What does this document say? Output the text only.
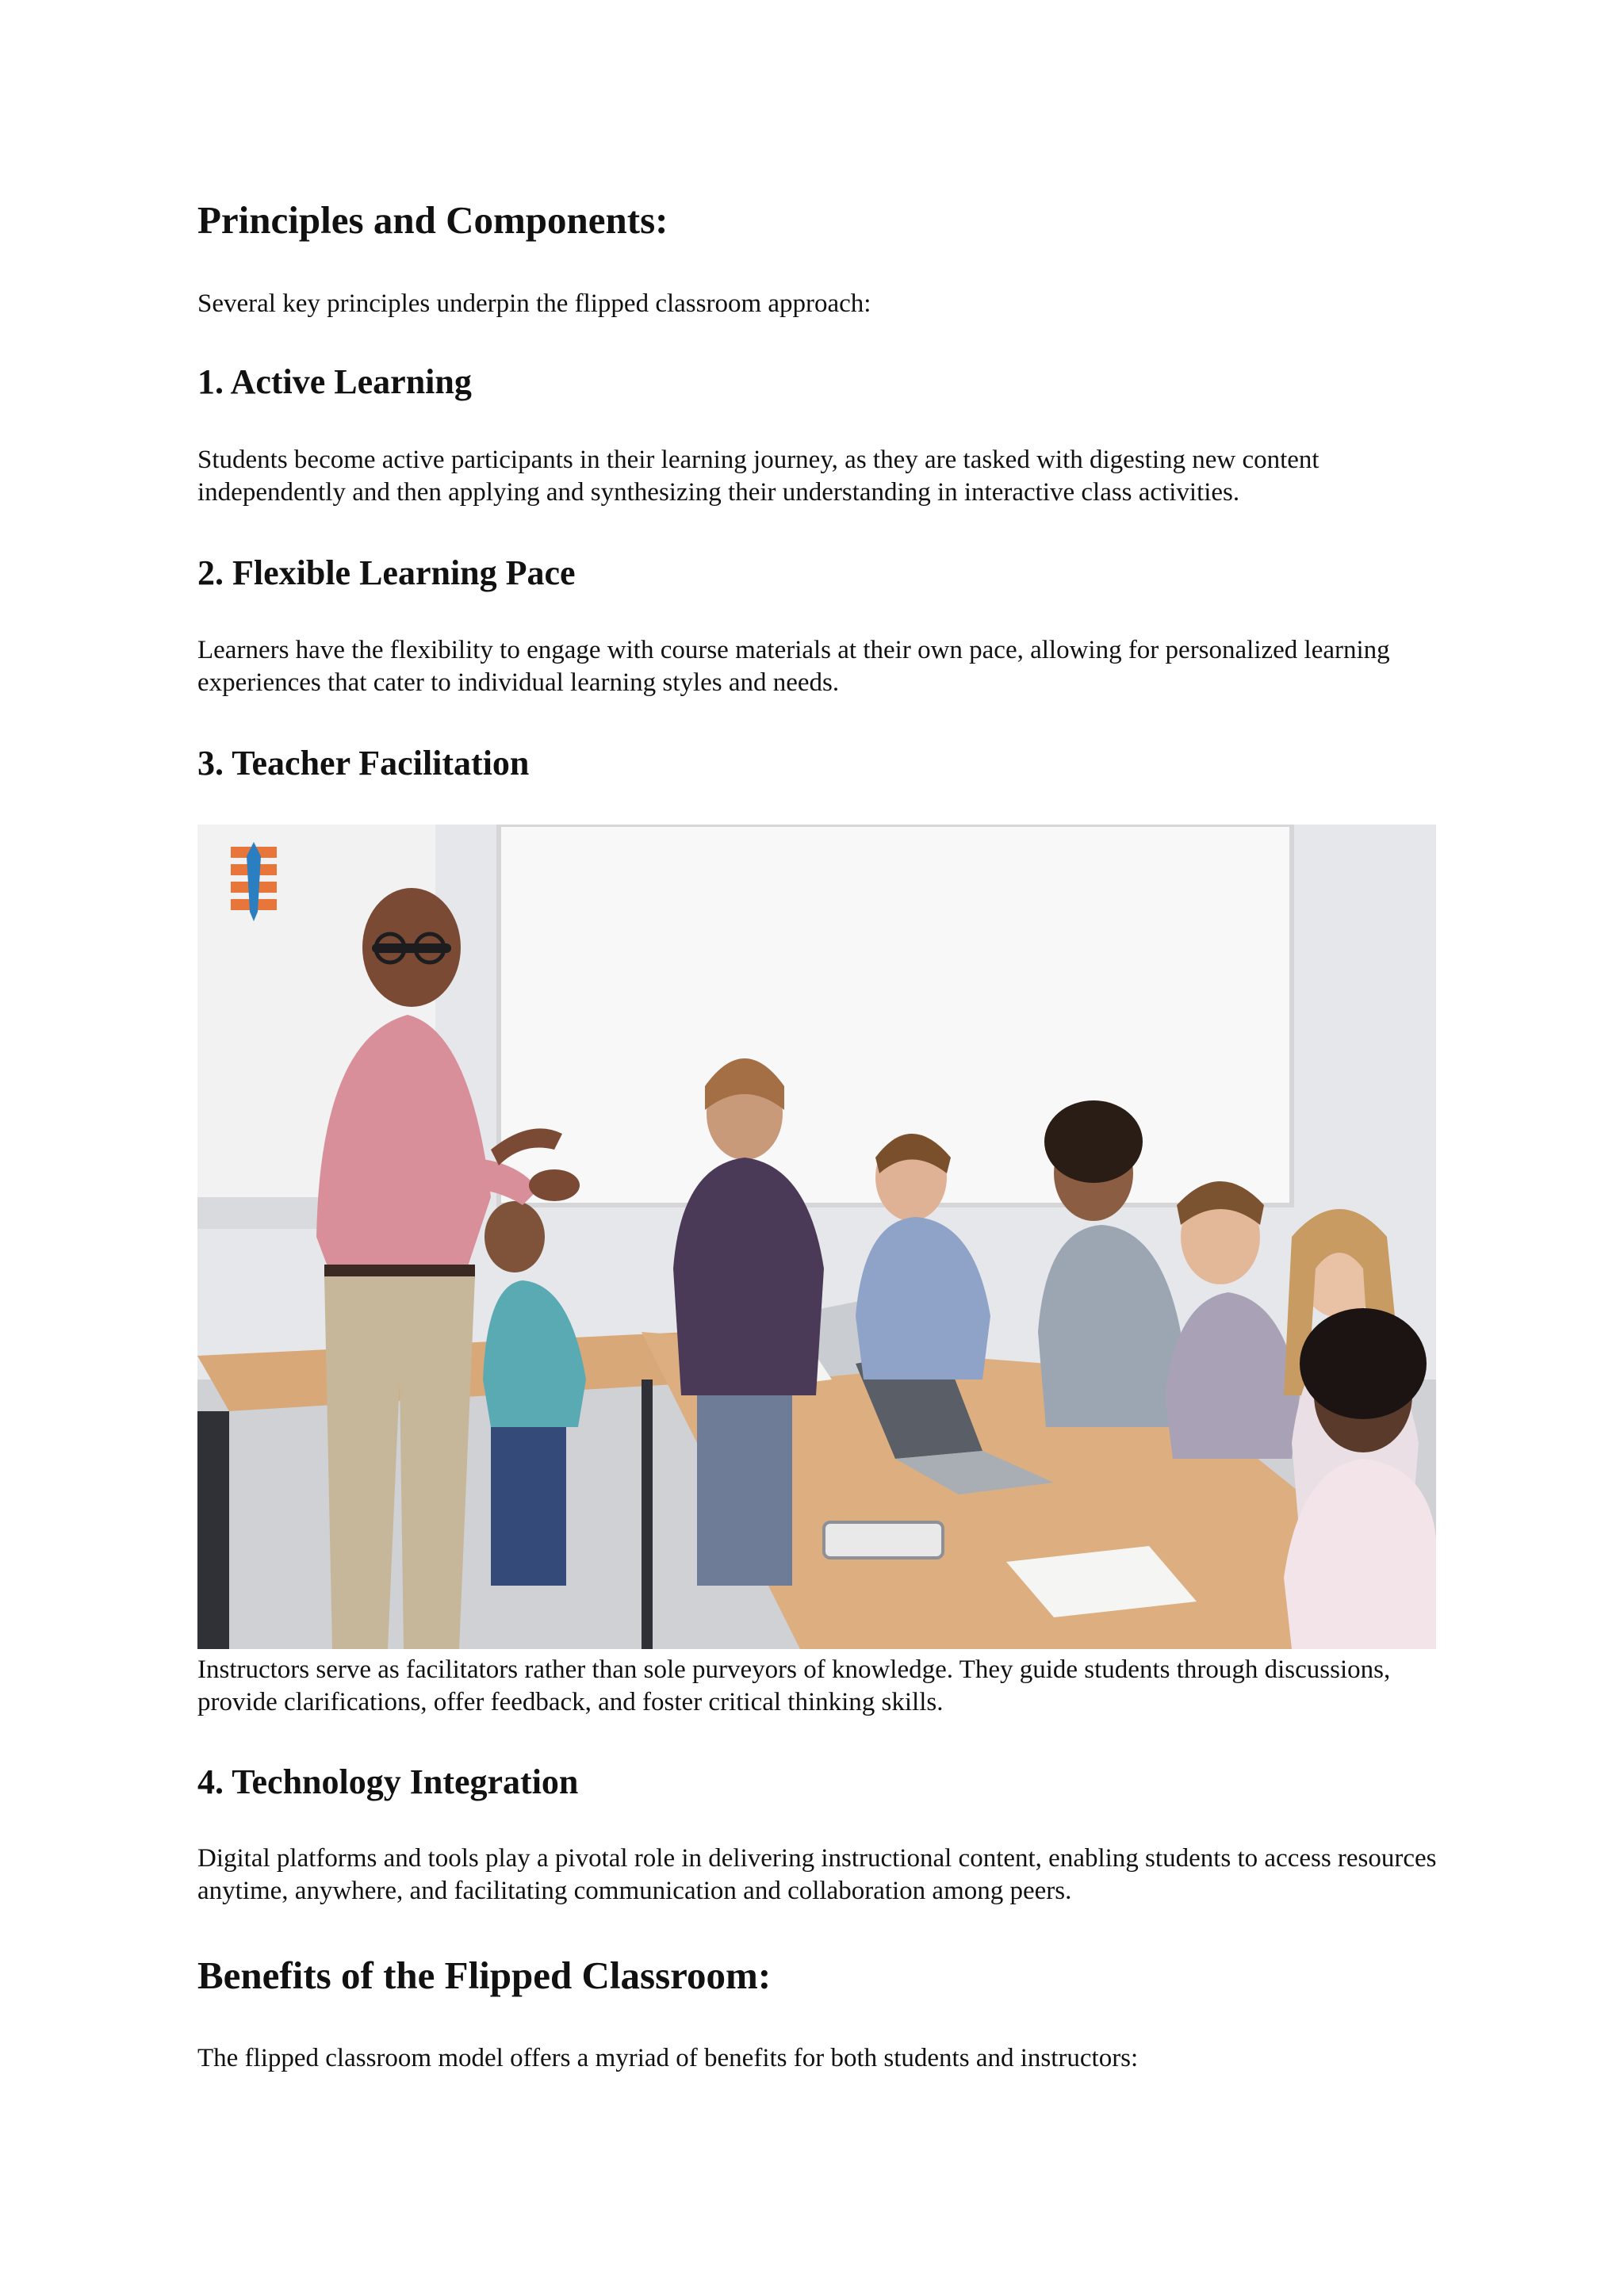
Principles and Components:

Several key principles underpin the flipped classroom approach:

1. Active Learning

Students become active participants in their learning journey, as they are tasked with digesting new content independently and then applying and synthesizing their understanding in interactive class activities.

2. Flexible Learning Pace

Learners have the flexibility to engage with course materials at their own pace, allowing for personalized learning experiences that cater to individual learning styles and needs.

3. Teacher Facilitation

Instructors serve as facilitators rather than sole purveyors of knowledge. They guide students through discussions, provide clarifications, offer feedback, and foster critical thinking skills.

4. Technology Integration

Digital platforms and tools play a pivotal role in delivering instructional content, enabling students to access resources anytime, anywhere, and facilitating communication and collaboration among peers.

Benefits of the Flipped Classroom:

The flipped classroom model offers a myriad of benefits for both students and instructors:
